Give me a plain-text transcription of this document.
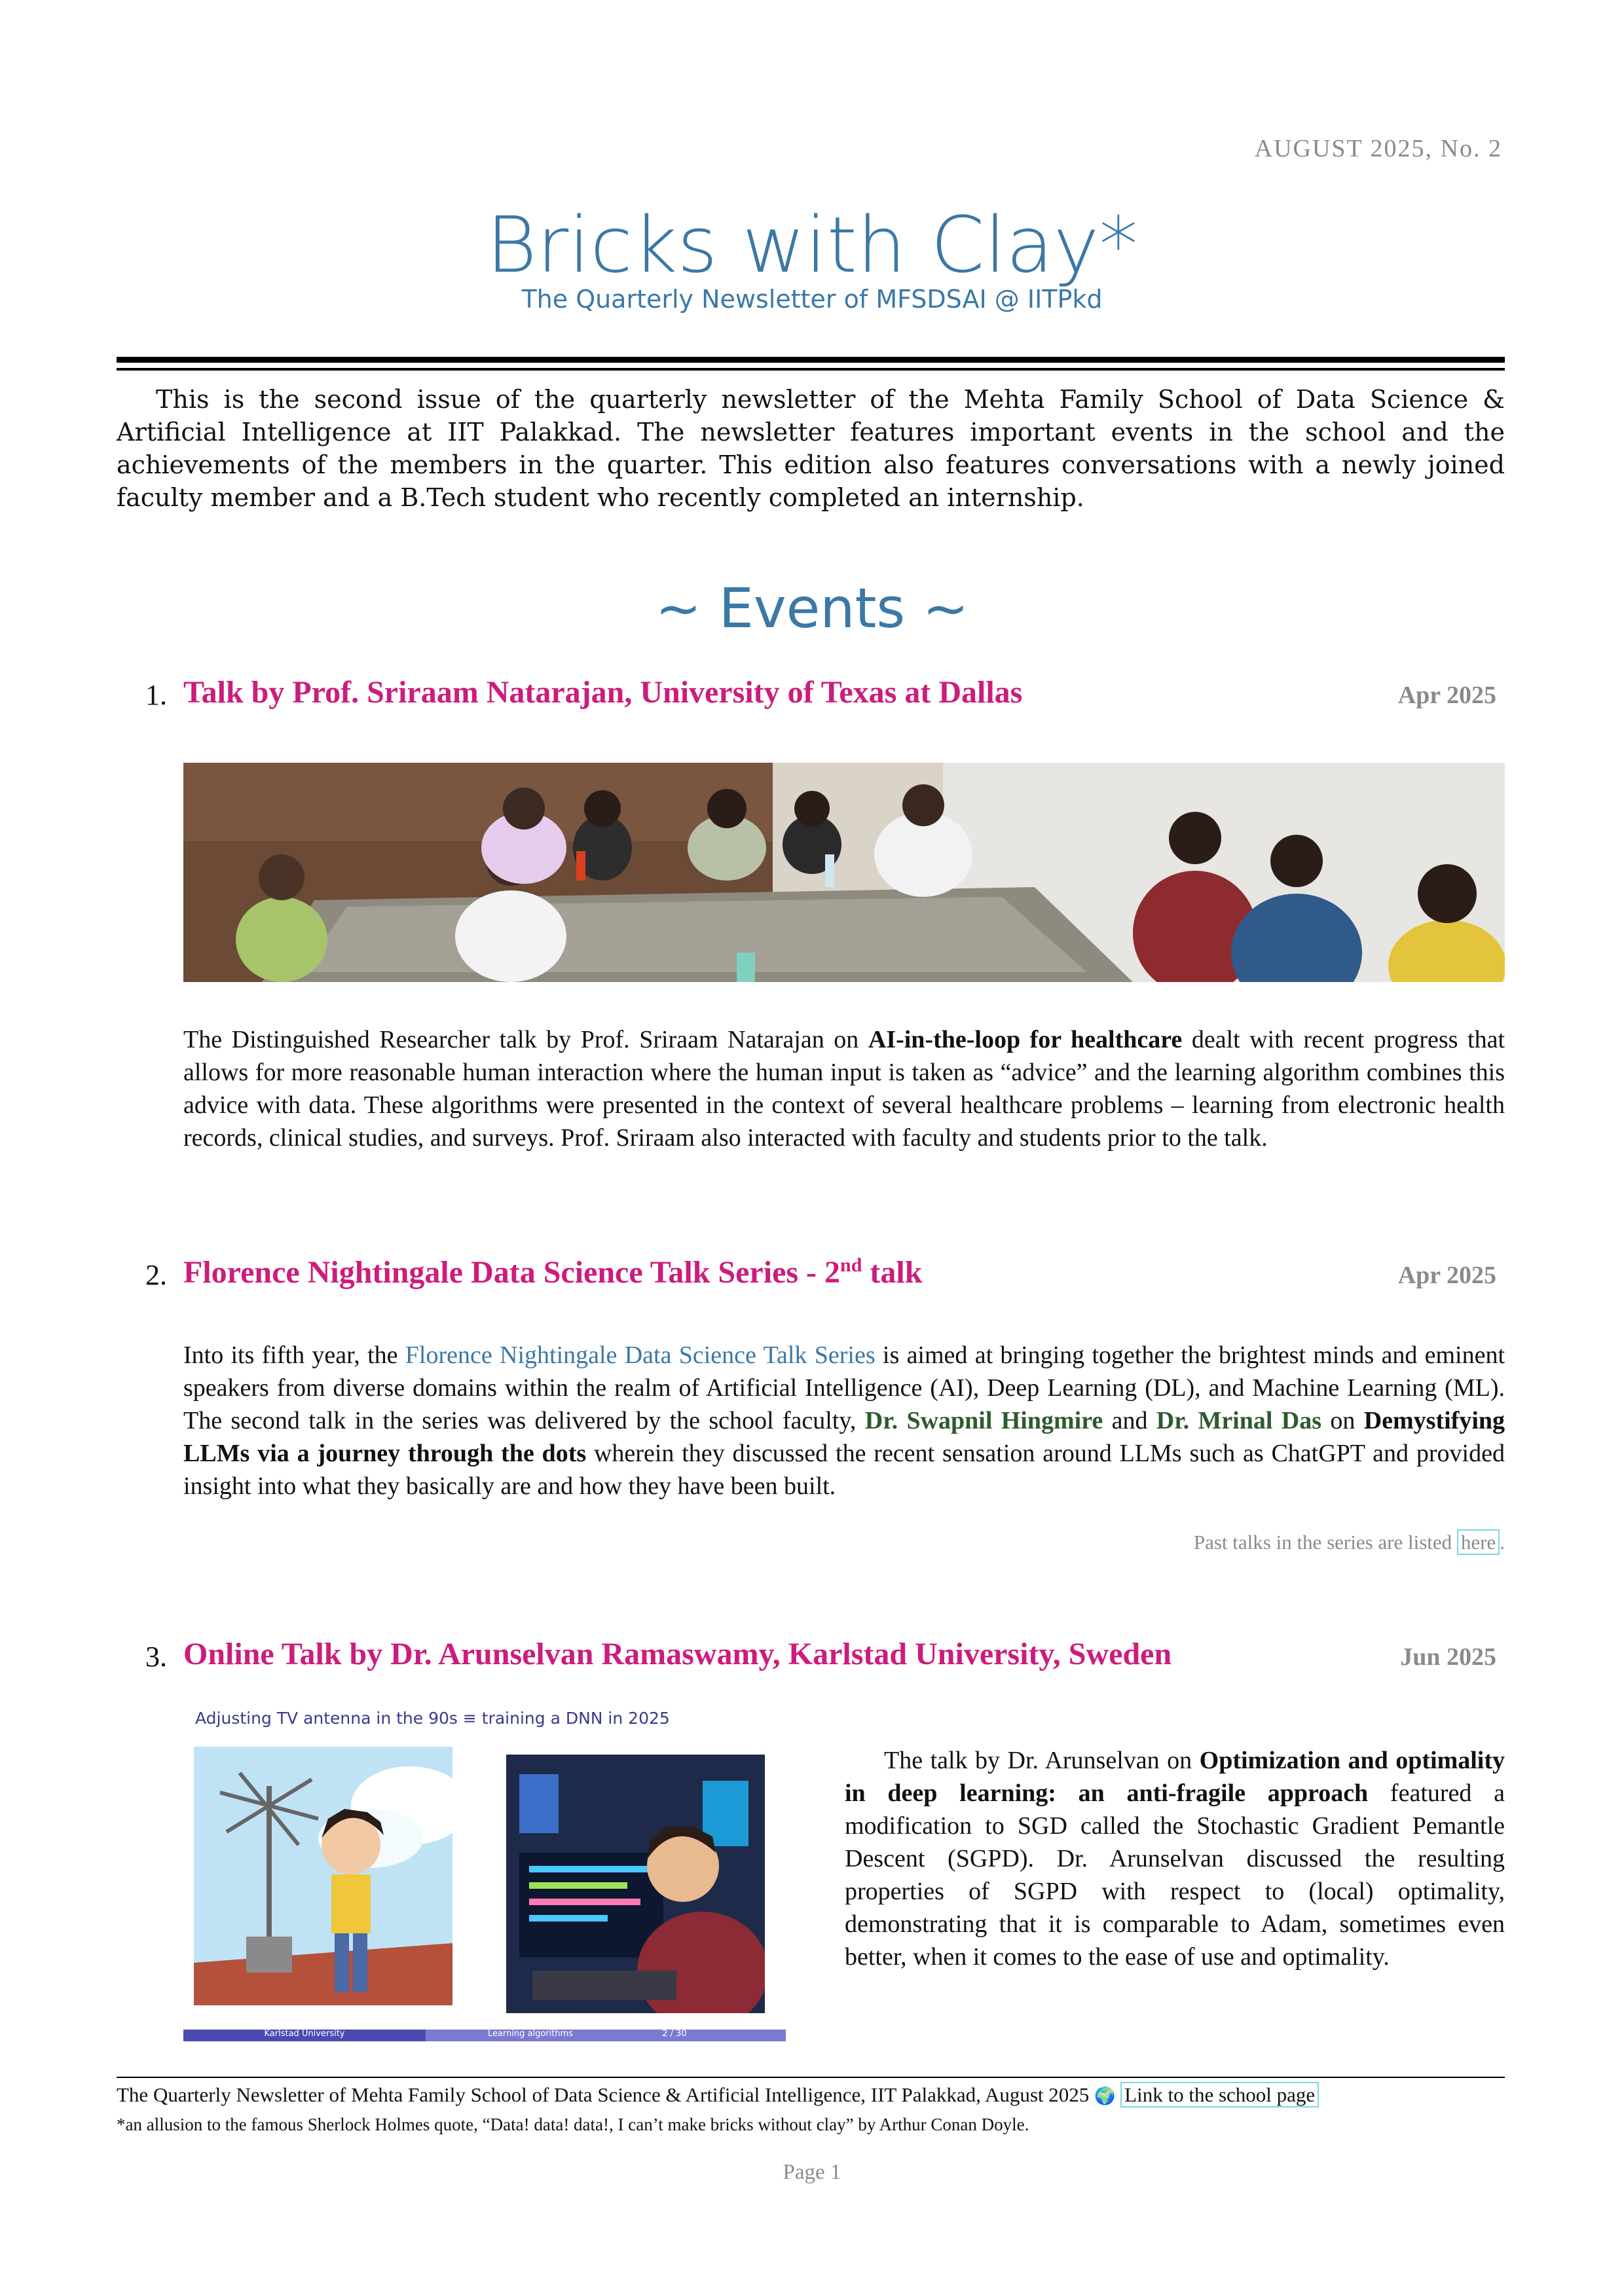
AUGUST 2025, No. 2
Bricks with Clay*
The Quarterly Newsletter of MFSDSAI @ IITPkd
This is the second issue of the quarterly newsletter of the Mehta Family School of Data Science & Artificial Intelligence at IIT Palakkad. The newsletter features important events in the school and the achievements of the members in the quarter. This edition also features conversations with a newly joined faculty member and a B.Tech student who recently completed an internship.
~ Events ~
1. Talk by Prof. Sriraam Natarajan, University of Texas at Dallas	Apr 2025
The Distinguished Researcher talk by Prof. Sriraam Natarajan on AI-in-the-loop for healthcare dealt with recent progress that allows for more reasonable human interaction where the human input is taken as “advice” and the learning algorithm combines this advice with data. These algorithms were presented in the context of several healthcare problems – learning from electronic health records, clinical studies, and surveys. Prof. Sriraam also interacted with faculty and students prior to the talk.
2. Florence Nightingale Data Science Talk Series - 2nd talk	Apr 2025
Into its fifth year, the Florence Nightingale Data Science Talk Series is aimed at bringing together the brightest minds and eminent speakers from diverse domains within the realm of Artificial Intelligence (AI), Deep Learning (DL), and Machine Learning (ML). The second talk in the series was delivered by the school faculty, Dr. Swapnil Hingmire and Dr. Mrinal Das on Demystifying LLMs via a journey through the dots wherein they discussed the recent sensation around LLMs such as ChatGPT and provided insight into what they basically are and how they have been built.
Past talks in the series are listed here .
3. Online Talk by Dr. Arunselvan Ramaswamy, Karlstad University, Sweden	Jun 2025
Adjusting TV antenna in the 90s ≡ training a DNN in 2025
Karlstad University	Learning algorithms	2 / 30
The talk by Dr. Arunselvan on Optimization and optimality in deep learning: an anti-fragile approach featured a modification to SGD called the Stochastic Gradient Pemantle Descent (SGPD). Dr. Arunselvan discussed the resulting properties of SGPD with respect to (local) optimality, demonstrating that it is comparable to Adam, sometimes even better, when it comes to the ease of use and optimality.
The Quarterly Newsletter of Mehta Family School of Data Science & Artificial Intelligence, IIT Palakkad, August 2025 🌍 Link to the school page
*an allusion to the famous Sherlock Holmes quote, “Data! data! data!, I can’t make bricks without clay” by Arthur Conan Doyle.
Page 1
